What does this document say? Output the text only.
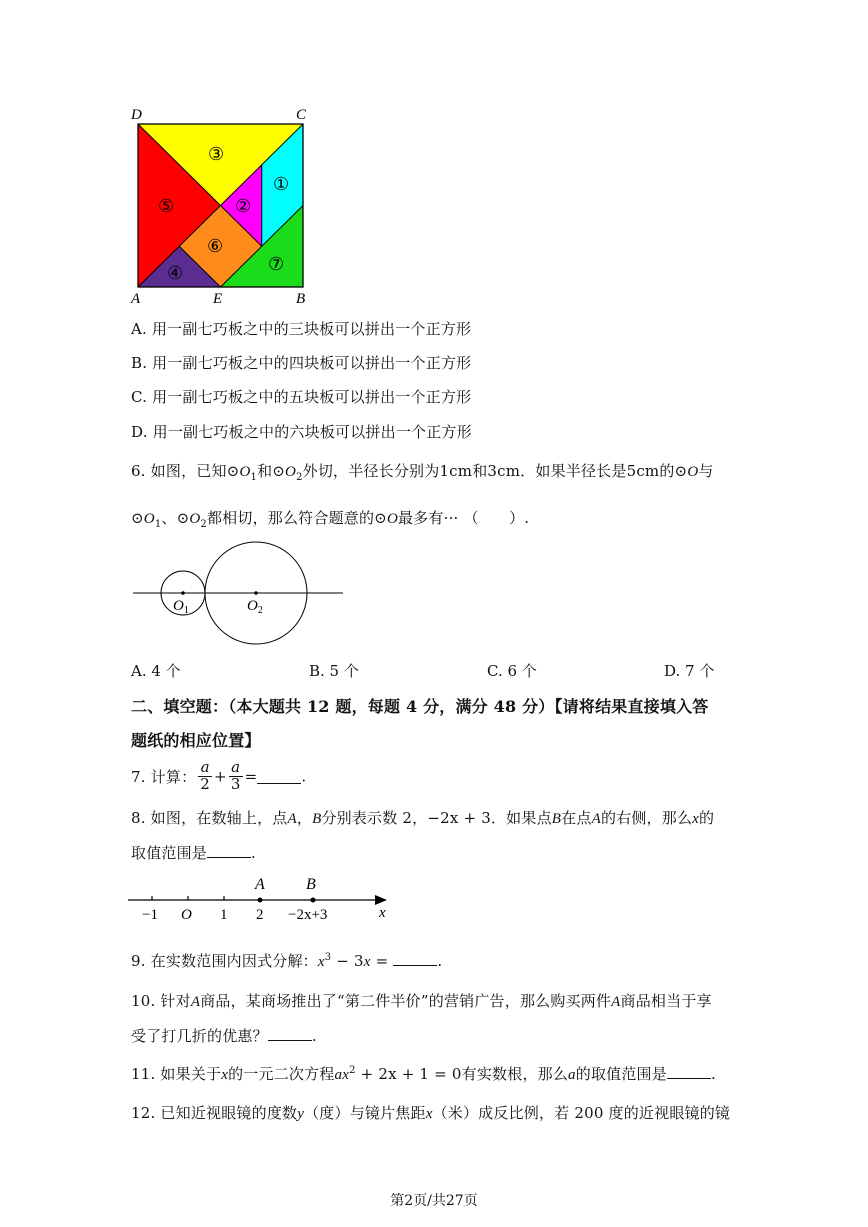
D	C
A	E	B
③
①
⑤	②
⑥
⑦
④
A. 用一副七巧板之中的三块板可以拼出一个正方形
B. 用一副七巧板之中的四块板可以拼出一个正方形
C. 用一副七巧板之中的五块板可以拼出一个正方形
D. 用一副七巧板之中的六块板可以拼出一个正方形
6. 如图，已知$⊙O_1$和$⊙O_2$外切，半径长分别为1cm和3cm．如果半径长是5cm的⊙O与
$⊙O_1$、$⊙O_2$都相切，那么符合题意的⊙O最多有··· （　　）.
$O_1$	$O_2$
A. 4 个	B. 5 个	C. 6 个	D. 7 个
二、填空题：（本大题共 12 题，每题 4 分，满分 48 分）【请将结果直接填入答
题纸的相应位置】
7. 计算： $\frac{a}{2} + \frac{a}{3}$ =	.
8. 如图，在数轴上，点A，B分别表示数 2，−2x + 3．如果点B在点A的右侧，那么x的
取值范围是	.
A	B
−1 O 1 2 −2x+3	x
9. 在实数范围内因式分解：$x^3 - 3x$ =	.
10. 针对A商品，某商场推出了“第二件半价”的营销广告，那么购买两件A商品相当于享
受了打几折的优惠？	.
11. 如果关于x的一元二次方程$ax^2 + 2x + 1 = 0$有实数根，那么a的取值范围是	.
12. 已知近视眼镜的度数y（度）与镜片焦距x（米）成反比例，若 200 度的近视眼镜的镜
第2页/共27页
